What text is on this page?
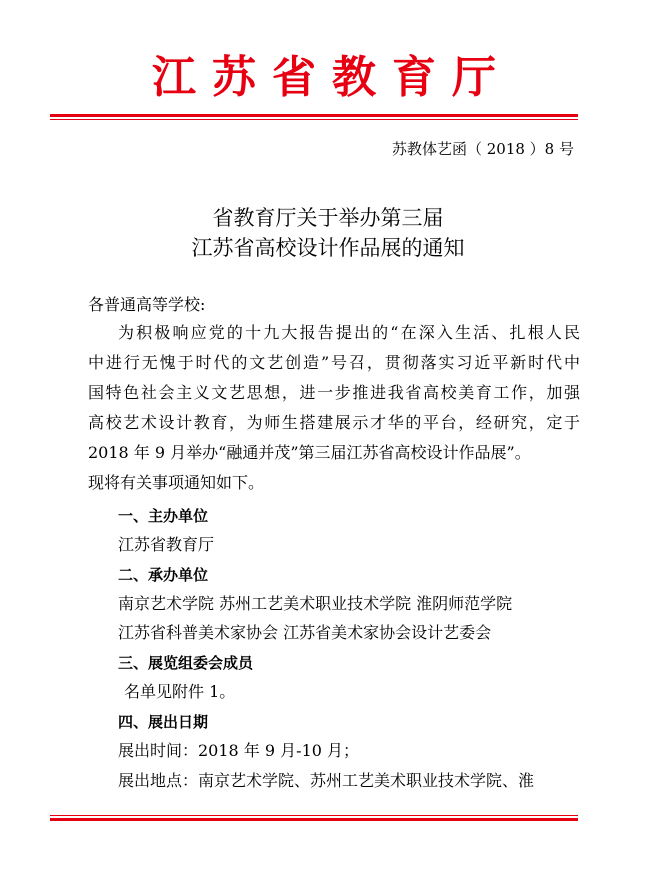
江苏省教育厅
苏教体艺函（ 2018 ）8 号
省教育厅关于举办第三届
江苏省高校设计作品展的通知
各普通高等学校:
为积极响应党的十九大报告提出的“在深入生活、扎根人民
中进行无愧于时代的文艺创造”号召，贯彻落实习近平新时代中
国特色社会主义文艺思想，进一步推进我省高校美育工作，加强
高校艺术设计教育，为师生搭建展示才华的平台，经研究，定于
2018 年 9 月举办“融通并茂”第三届江苏省高校设计作品展”。
现将有关事项通知如下。
一、主办单位
江苏省教育厅
二、承办单位
南京艺术学院 苏州工艺美术职业技术学院 淮阴师范学院
江苏省科普美术家协会 江苏省美术家协会设计艺委会
三、展览组委会成员
名单见附件 1。
四、展出日期
展出时间：2018 年 9 月-10 月；
展出地点：南京艺术学院、苏州工艺美术职业技术学院、淮
